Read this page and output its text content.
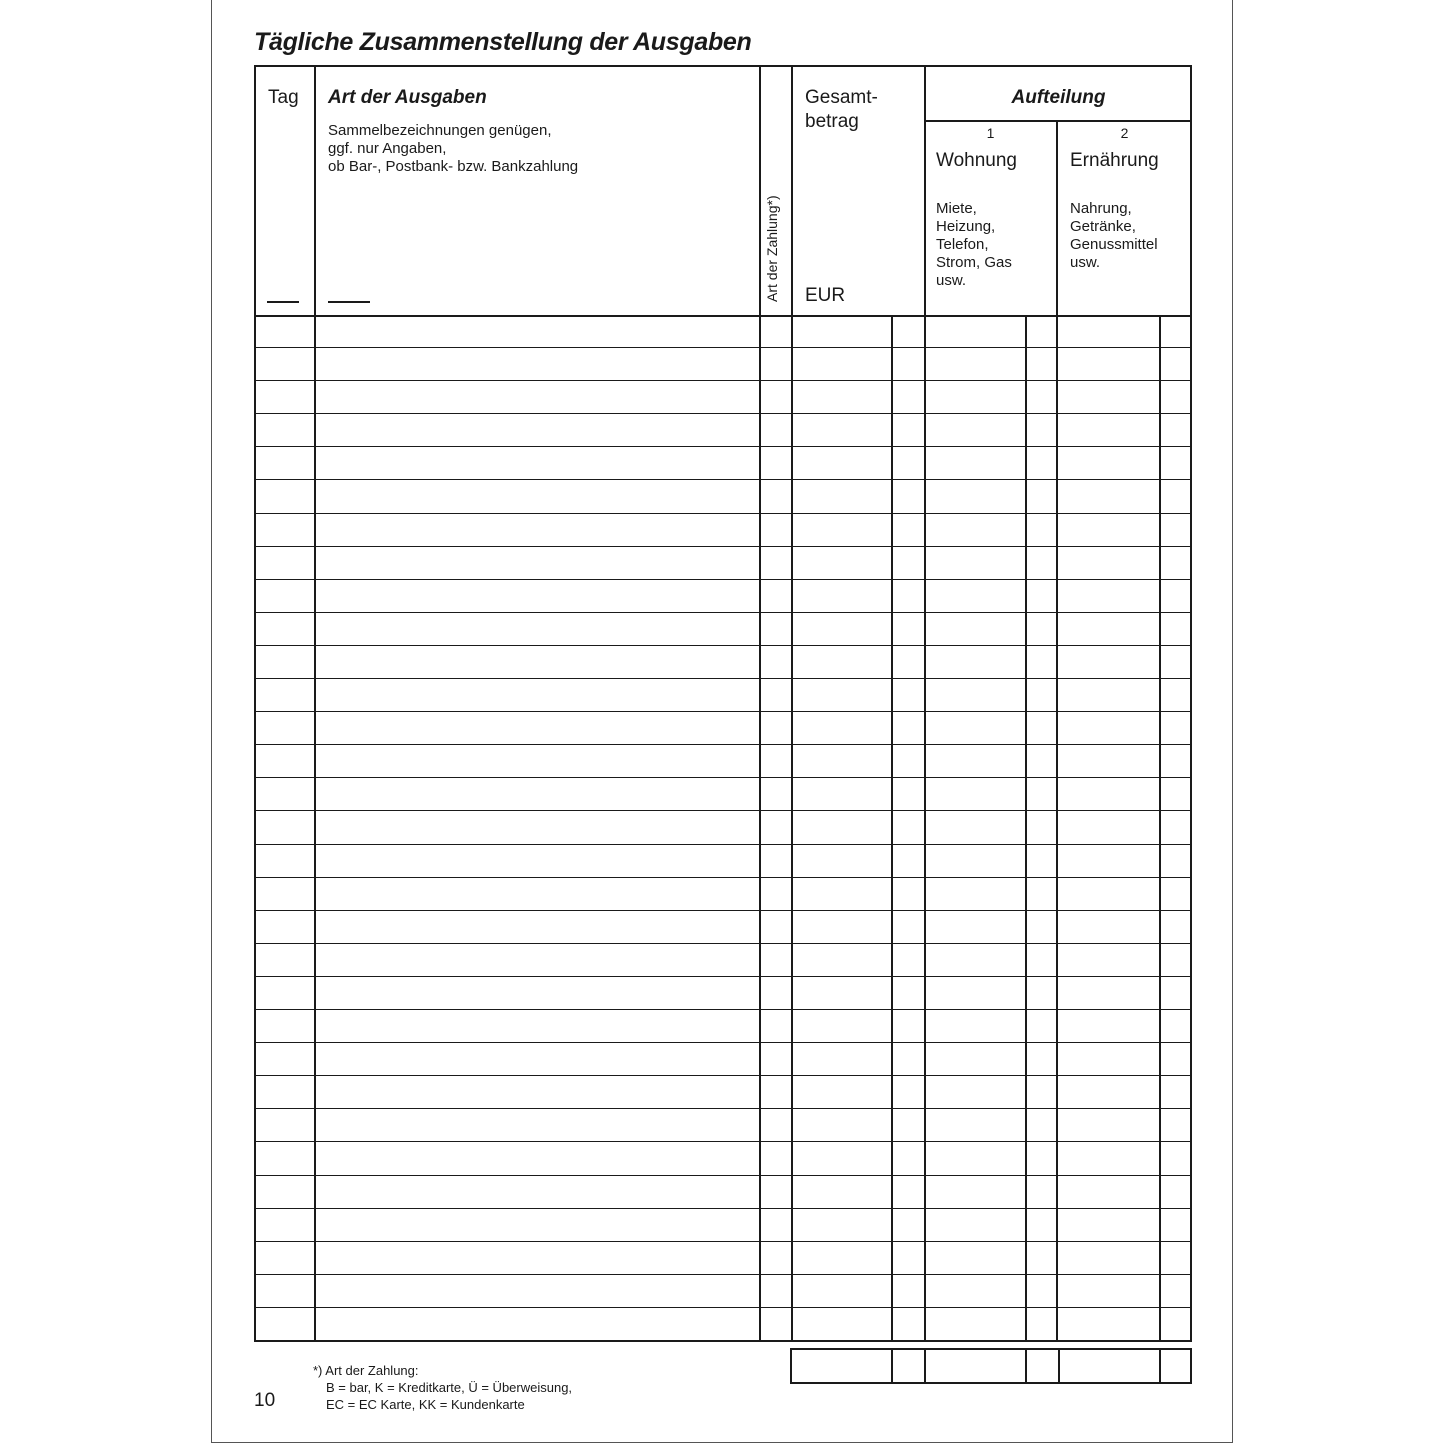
Tägliche Zusammenstellung der Ausgaben
Tag Art der Ausgaben
Sammelbezeichnungen genügen,
ggf. nur Angaben,
ob Bar-, Postbank- bzw. Bankzahlung
Art der Zahlung*)
Gesamt-
betrag
EUR
Aufteilung
1
Wohnung
Miete,
Heizung,
Telefon,
Strom, Gas
usw.
2
Ernährung
Nahrung,
Getränke,
Genussmittel
usw.
10
*) Art der Zahlung:
B = bar, K = Kreditkarte, Ü = Überweisung,
EC = EC Karte, KK = Kundenkarte
